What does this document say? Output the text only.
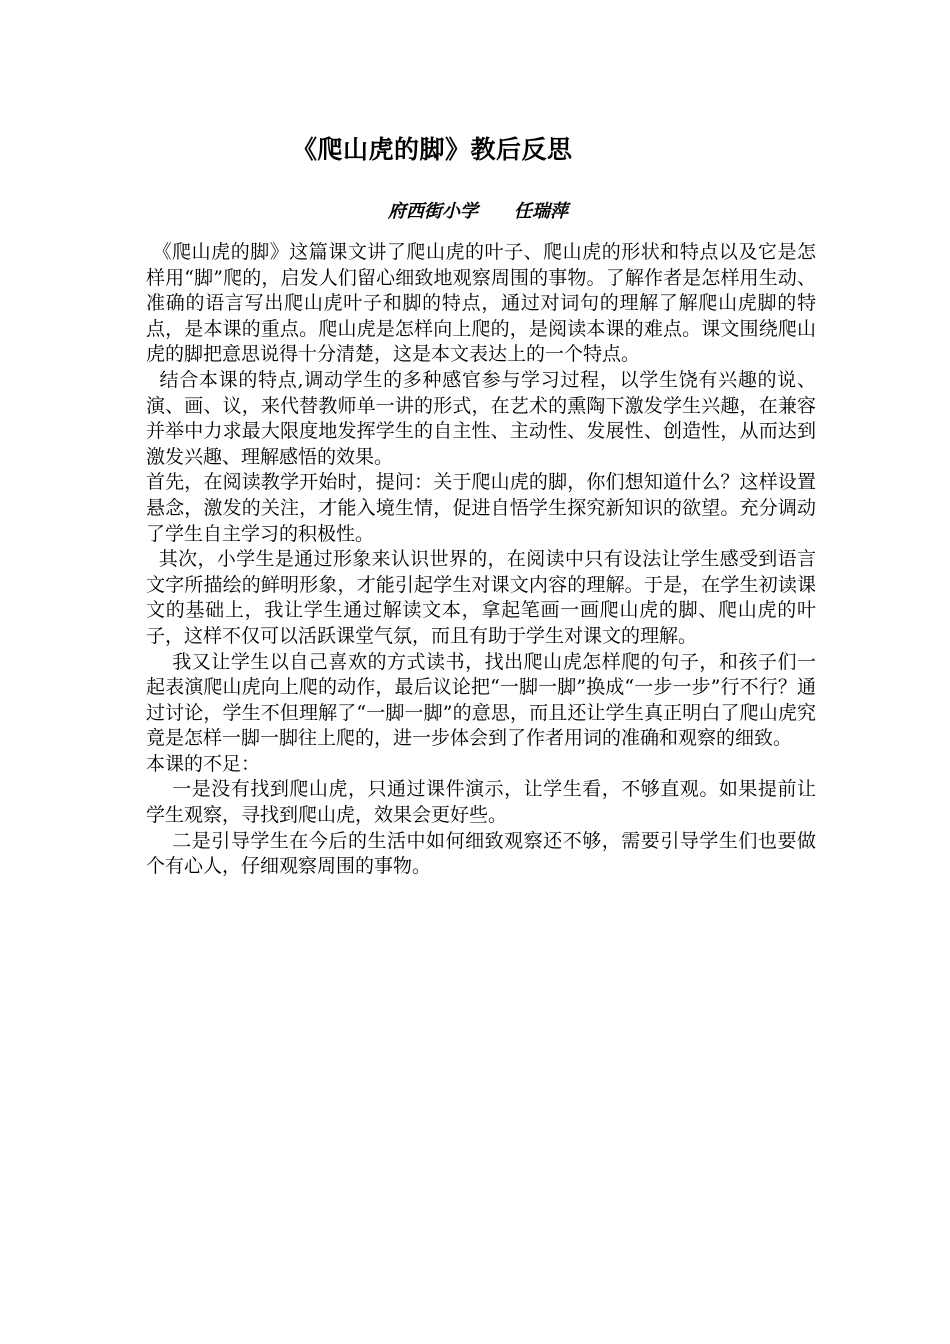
《爬山虎的脚》教后反思

府西街小学 任瑞萍

《爬山虎的脚》这篇课文讲了爬山虎的叶子、爬山虎的形状和特点以及它是怎样用“脚”爬的，启发人们留心细致地观察周围的事物。了解作者是怎样用生动、准确的语言写出爬山虎叶子和脚的特点，通过对词句的理解了解爬山虎脚的特点，是本课的重点。爬山虎是怎样向上爬的，是阅读本课的难点。课文围绕爬山虎的脚把意思说得十分清楚，这是本文表达上的一个特点。

结合本课的特点,调动学生的多种感官参与学习过程，以学生饶有兴趣的说、演、画、议，来代替教师单一讲的形式，在艺术的熏陶下激发学生兴趣，在兼容并举中力求最大限度地发挥学生的自主性、主动性、发展性、创造性，从而达到激发兴趣、理解感悟的效果。

首先，在阅读教学开始时，提问：关于爬山虎的脚，你们想知道什么？这样设置悬念，激发的关注，才能入境生情，促进自悟学生探究新知识的欲望。充分调动了学生自主学习的积极性。

其次，小学生是通过形象来认识世界的，在阅读中只有设法让学生感受到语言文字所描绘的鲜明形象，才能引起学生对课文内容的理解。于是，在学生初读课文的基础上，我让学生通过解读文本，拿起笔画一画爬山虎的脚、爬山虎的叶子，这样不仅可以活跃课堂气氛，而且有助于学生对课文的理解。

我又让学生以自己喜欢的方式读书，找出爬山虎怎样爬的句子，和孩子们一起表演爬山虎向上爬的动作，最后议论把“一脚一脚”换成“一步一步”行不行？通过讨论，学生不但理解了“一脚一脚”的意思，而且还让学生真正明白了爬山虎究竟是怎样一脚一脚往上爬的，进一步体会到了作者用词的准确和观察的细致。

本课的不足：

一是没有找到爬山虎，只通过课件演示，让学生看，不够直观。如果提前让学生观察，寻找到爬山虎，效果会更好些。

二是引导学生在今后的生活中如何细致观察还不够，需要引导学生们也要做个有心人，仔细观察周围的事物。
